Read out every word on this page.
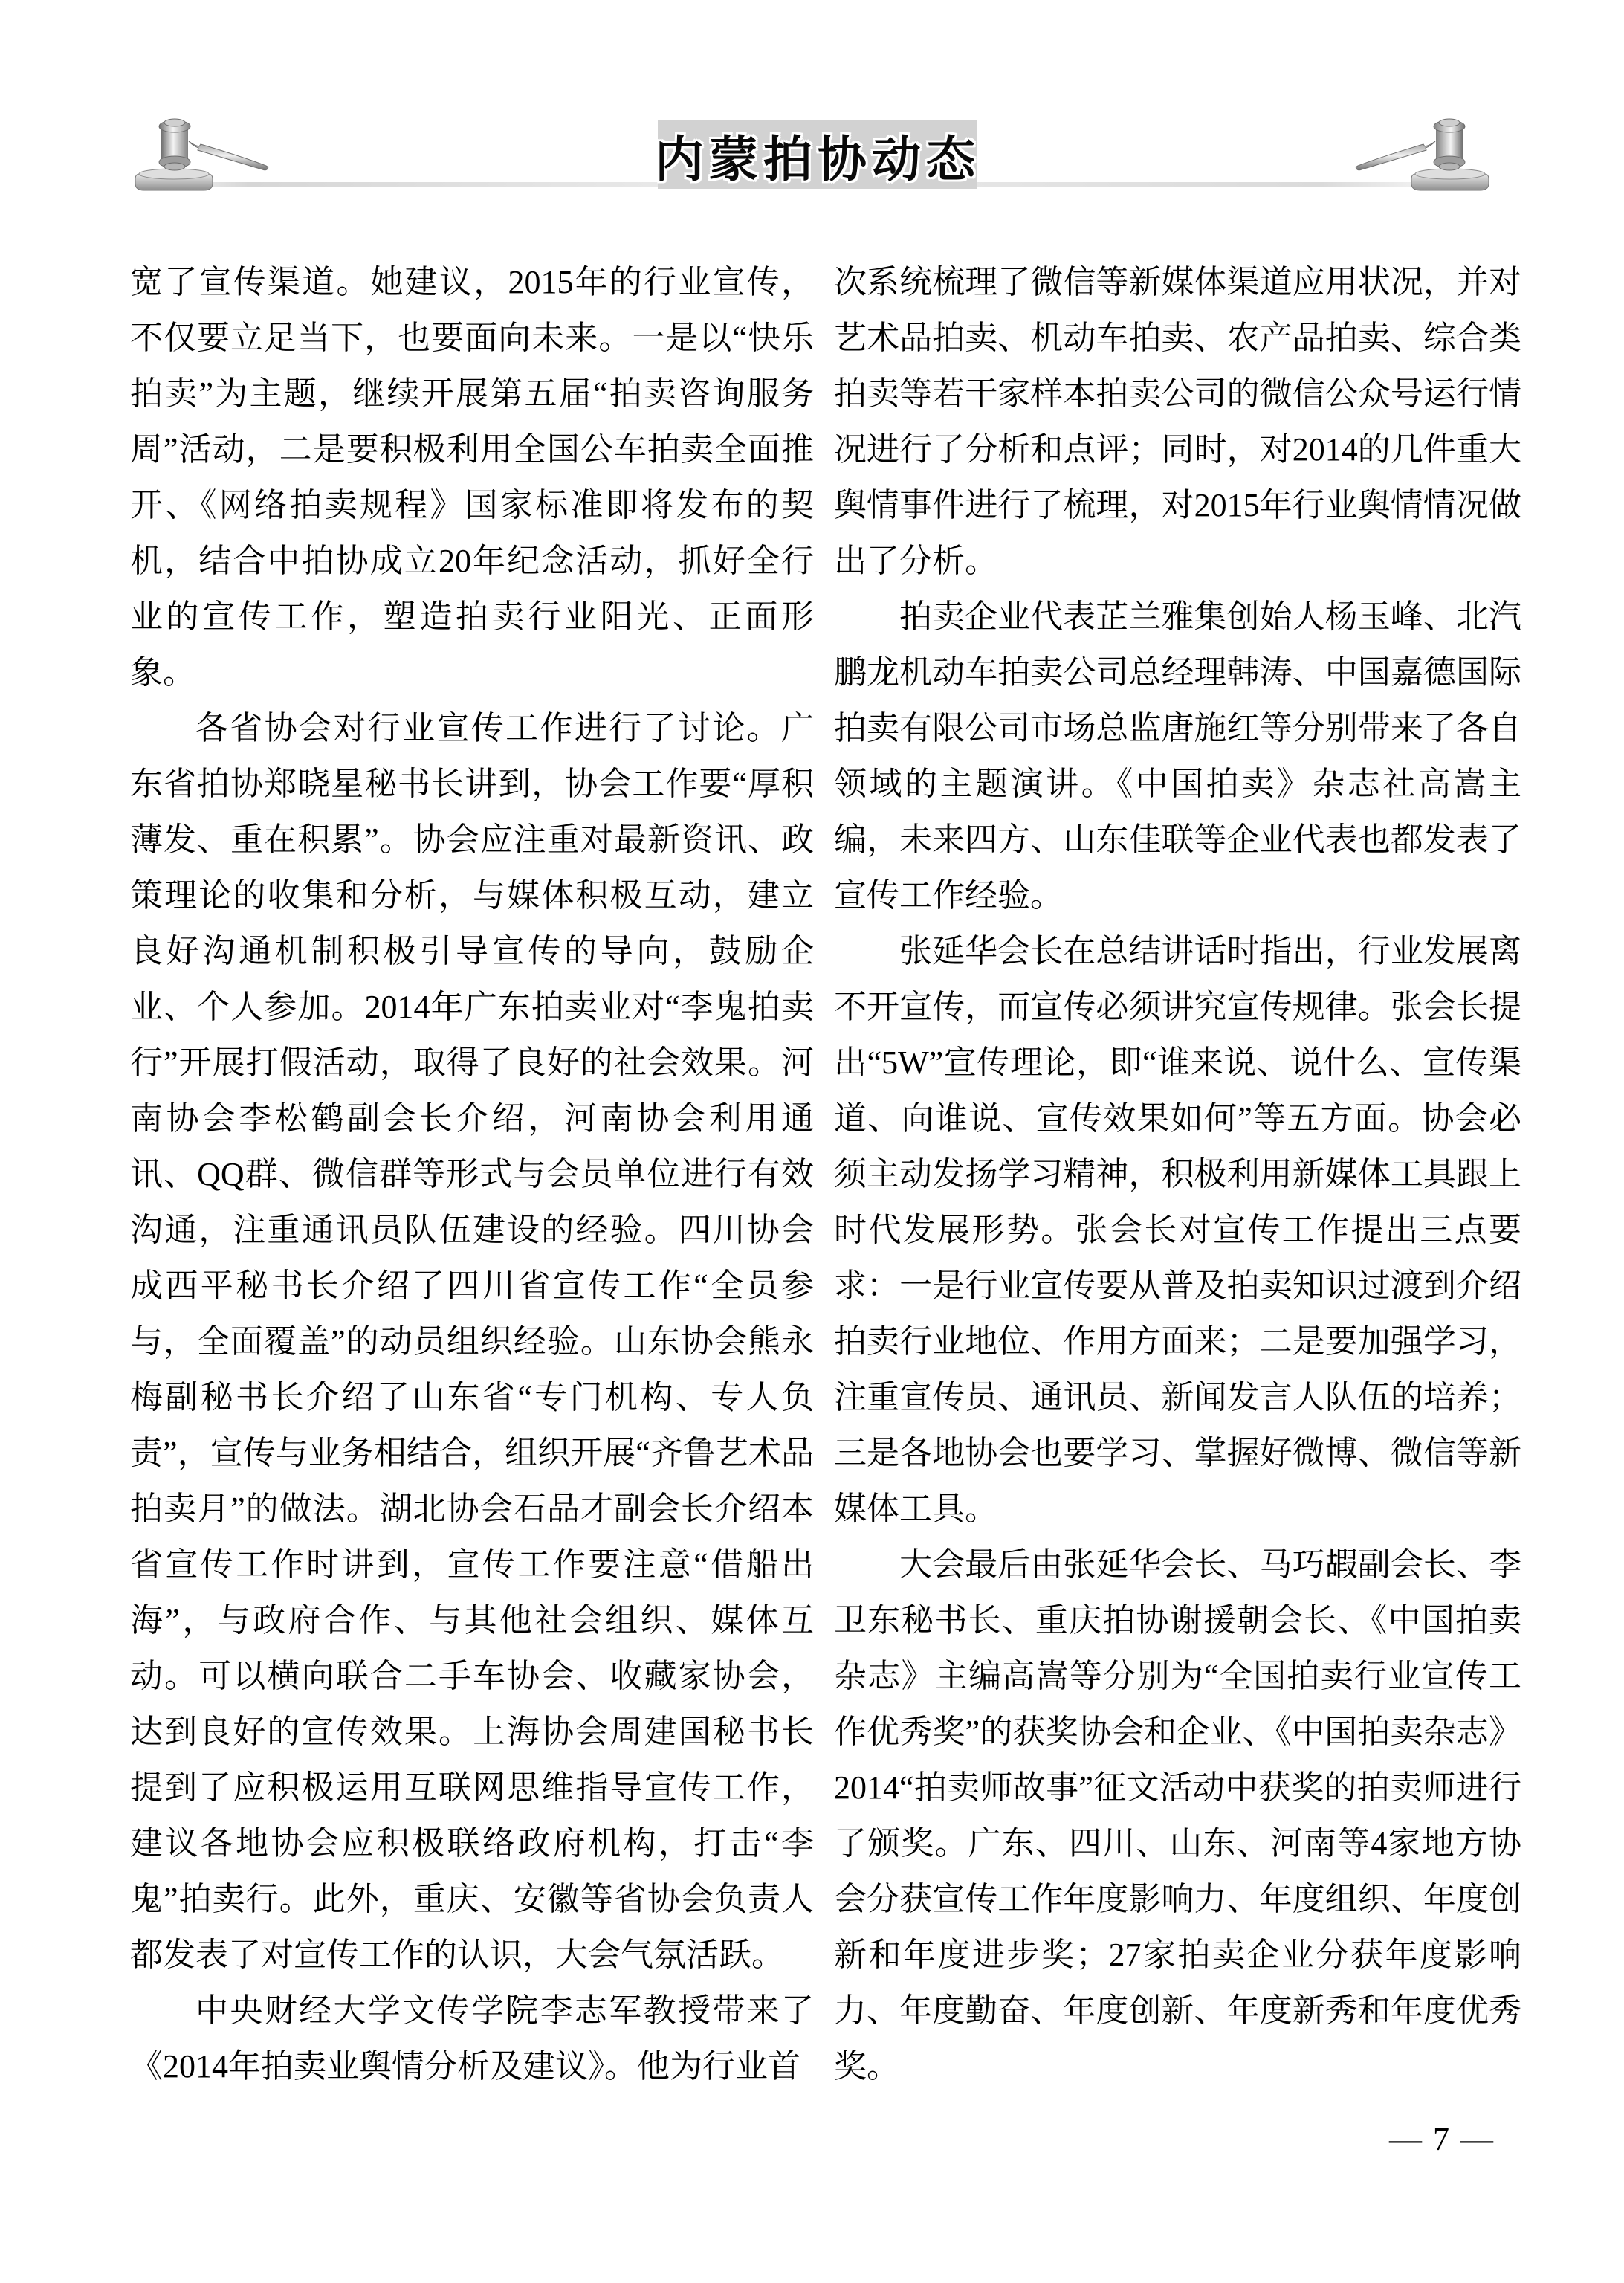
内蒙拍协动态

宽了宣传渠道。她建议，2015年的行业宣传，不仅要立足当下，也要面向未来。一是以“快乐拍卖”为主题，继续开展第五届“拍卖咨询服务周”活动，二是要积极利用全国公车拍卖全面推开、《网络拍卖规程》国家标准即将发布的契机，结合中拍协成立20年纪念活动，抓好全行业的宣传工作，塑造拍卖行业阳光、正面形象。

各省协会对行业宣传工作进行了讨论。广东省拍协郑晓星秘书长讲到，协会工作要“厚积薄发、重在积累”。协会应注重对最新资讯、政策理论的收集和分析，与媒体积极互动，建立良好沟通机制积极引导宣传的导向，鼓励企业、个人参加。2014年广东拍卖业对“李鬼拍卖行”开展打假活动，取得了良好的社会效果。河南协会李松鹤副会长介绍，河南协会利用通讯、QQ群、微信群等形式与会员单位进行有效沟通，注重通讯员队伍建设的经验。四川协会成西平秘书长介绍了四川省宣传工作“全员参与，全面覆盖”的动员组织经验。山东协会熊永梅副秘书长介绍了山东省“专门机构、专人负责”，宣传与业务相结合，组织开展“齐鲁艺术品拍卖月”的做法。湖北协会石品才副会长介绍本省宣传工作时讲到，宣传工作要注意“借船出海”，与政府合作、与其他社会组织、媒体互动。可以横向联合二手车协会、收藏家协会，达到良好的宣传效果。上海协会周建国秘书长提到了应积极运用互联网思维指导宣传工作，建议各地协会应积极联络政府机构，打击“李鬼”拍卖行。此外，重庆、安徽等省协会负责人都发表了对宣传工作的认识，大会气氛活跃。

中央财经大学文传学院李志军教授带来了《2014年拍卖业舆情分析及建议》。他为行业首

次系统梳理了微信等新媒体渠道应用状况，并对艺术品拍卖、机动车拍卖、农产品拍卖、综合类拍卖等若干家样本拍卖公司的微信公众号运行情况进行了分析和点评；同时，对2014的几件重大舆情事件进行了梳理，对2015年行业舆情情况做出了分析。

拍卖企业代表芷兰雅集创始人杨玉峰、北汽鹏龙机动车拍卖公司总经理韩涛、中国嘉德国际拍卖有限公司市场总监唐施红等分别带来了各自领域的主题演讲。《中国拍卖》杂志社高嵩主编，未来四方、山东佳联等企业代表也都发表了宣传工作经验。

张延华会长在总结讲话时指出，行业发展离不开宣传，而宣传必须讲究宣传规律。张会长提出“5W”宣传理论，即“谁来说、说什么、宣传渠道、向谁说、宣传效果如何”等五方面。协会必须主动发扬学习精神，积极利用新媒体工具跟上时代发展形势。张会长对宣传工作提出三点要求：一是行业宣传要从普及拍卖知识过渡到介绍拍卖行业地位、作用方面来；二是要加强学习，注重宣传员、通讯员、新闻发言人队伍的培养；三是各地协会也要学习、掌握好微博、微信等新媒体工具。

大会最后由张延华会长、马巧嘏副会长、李卫东秘书长、重庆拍协谢援朝会长、《中国拍卖杂志》主编高嵩等分别为“全国拍卖行业宣传工作优秀奖”的获奖协会和企业、《中国拍卖杂志》2014“拍卖师故事”征文活动中获奖的拍卖师进行了颁奖。广东、四川、山东、河南等4家地方协会分获宣传工作年度影响力、年度组织、年度创新和年度进步奖；27家拍卖企业分获年度影响力、年度勤奋、年度创新、年度新秀和年度优秀奖。

— 7 —
